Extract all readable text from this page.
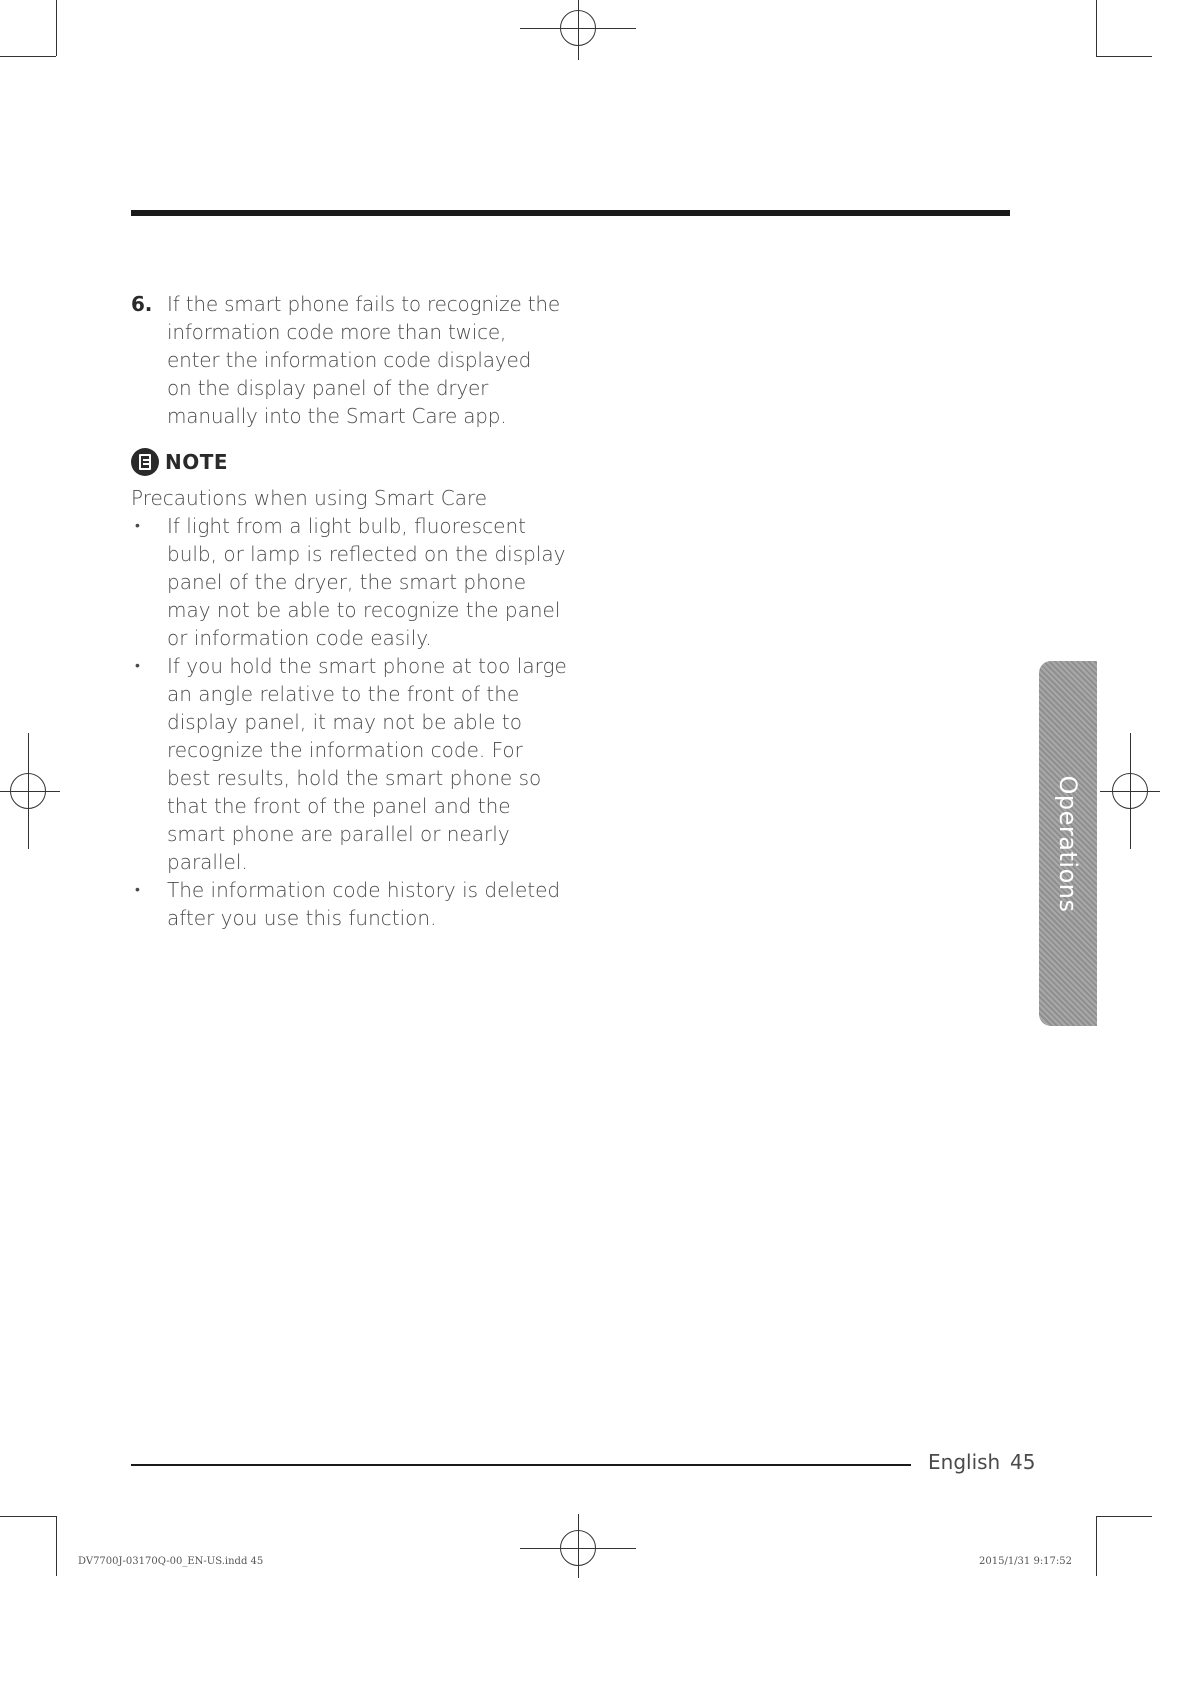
6. If the smart phone fails to recognize the information code more than twice, enter the information code displayed on the display panel of the dryer manually into the Smart Care app.
NOTE
Precautions when using Smart Care
• If light from a light bulb, fluorescent bulb, or lamp is reflected on the display panel of the dryer, the smart phone may not be able to recognize the panel or information code easily.
• If you hold the smart phone at too large an angle relative to the front of the display panel, it may not be able to recognize the information code. For best results, hold the smart phone so that the front of the panel and the smart phone are parallel or nearly parallel.
• The information code history is deleted after you use this function.
Operations
English 45
DV7700J-03170Q-00_EN-US.indd 45	2015/1/31 9:17:52
